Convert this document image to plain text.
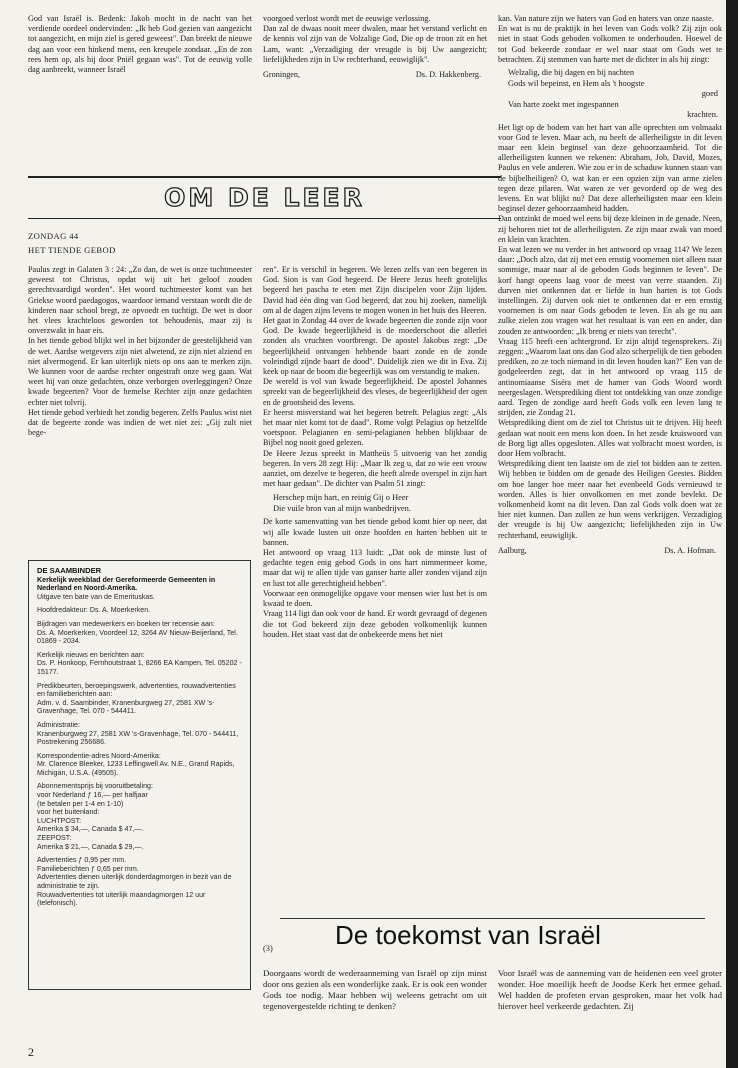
God van Israël is. Bedenk: Jakob mocht in de nacht van het verdiende oordeel ondervinden: „Ik heb God gezien van aangezicht tot aangezicht, en mijn ziel is gered geweest". Dan breekt de nieuwe dag aan voor een hinkend mens, een kreupele zondaar. „En de zon rees hem op, als hij door Pniël gegaan was". Tot de eeuwig volle dag aanbreekt, wanneer Israël

voorgoed verlost wordt met de eeuwige verlossing.

Dan zal de dwaas nooit meer dwalen, maar het verstand verlicht en de kennis vol zijn van de Volzalige God, Die op de troon zit en het Lam, want: „Verzadiging der vreugde is bij Uw aangezicht; liefelijkheden zijn in Uw rechterhand, eeuwiglijk".

Groningen,	Ds. D. Hakkenberg.
OM DE LEER
ZONDAG 44
HET TIENDE GEBOD

Paulus zegt in Galaten 3 : 24: „Zo dan, de wet is onze tuchtmeester geweest tot Christus, opdat wij uit het geloof zouden gerechtvaardigd worden". Het woord tuchtmeester komt van het Griekse woord paedagogos, waardoor iemand verstaan wordt die de kinderen naar school bregt, ze opvoedt en tuchtigt. De wet is door het vlees krachteloos geworden tot behoudenis, maar zij is onverzwakt in haar eis.

In het tiende gebod blijkt wel in het bijzonder de geestelijkheid van de wet. Aardse wetgevers zijn niet alwetend, ze zijn niet alziend en niet alvermogend. Er kan uiterlijk niets op ons aan te merken zijn. We kunnen voor de aardse rechter ongestraft onze weg gaan. Wat weet hij van onze gedachten, onze verborgen overleggingen? Onze kwade begeerten? Voor de hemelse Rechter zijn onze gedachten echter niet tolvrij.

Het tiende gebod verbiedt het zondig begeren. Zelfs Paulus wist niet dat de begeerte zonde was indien de wet niet zei: „Gij zult niet bege-

ren". Er is verschil in begeren. We lezen zelfs van een begeren in God. Sion is van God begeerd. De Heere Jezus heeft grotelijks begeerd het pascha te eten met Zijn discipelen voor Zijn lijden. David had één ding van God begeerd, dat zou hij zoeken, namelijk om al de dagen zijns levens te mogen wonen in het huis des Heeren.

Het gaat in Zondag 44 over de kwade begeerten die zonde zijn voor God. De kwade begeerlijkheid is de moederschoot die allerlei zonden als vruchten voortbrengt. De apostel Jakobus zegt: „De begeerlijkheid ontvangen hebbende baart zonde en de zonde voleindigd zijnde baart de dood". Duidelijk zien we dit in Eva. Zij keek op naar de boom die begeerlijk was om verstandig te maken.

De wereld is vol van kwade begeerlijkheid. De apostel Johannes spreekt van de begeerlijkheid des vleses, de begeerlijkheid der ogen en de grootsheid des levens.

Er heerst misverstand wat het begeren betreft. Pelagius zegt: „Als het maar niet komt tot de daad". Rome volgt Pelagius op hetzelfde voetspoor. Pelagianen en semi-pelagianen hebben blijkbaar de Bijbel nog nooit goed gelezen.

De Heere Jezus spreekt in Mattheüs 5 uitvoerig van het zondig begeren. In vers 28 zegt Hij: „Maar Ik zeg u, dat zo wie een vrouw aanziet, om dezelve te begeren, die heeft alrede overspel in zijn hart met haar gedaan". De dichter van Psalm 51 zingt:

Herschep mijn hart, en reinig Gij o Heer
Die vuile bron van al mijn wanbedrijven.

De korte samenvatting van het tiende gebod komt hier op neer, dat wij alle kwade lusten uit onze hoofden en harten hebben uit te bannen.

Het antwoord op vraag 113 luidt: „Dat ook de minste lust of gedachte tegen enig gebod Gods in ons hart nimmermeer kome, maar dat wij te allen tijde van ganser harte aller zonden vijand zijn en lust tot alle gerechtigheid hebben".

Voorwaar een onmogelijke opgave voor mensen wier lust het is om kwaad te doen.

Vraag 114 ligt dan ook voor de hand. Er wordt gevraagd of degenen die tot God bekeerd zijn deze geboden volkomenlijk kunnen houden. Het staat vast dat de onbekeerde mens het niet

kan. Van nature zijn we haters van God en haters van onze naaste.

En wat is nu de praktijk in het leven van Gods volk? Zij zijn ook niet in staat Gods geboden volkomen te onderhouden. Hoewel de tot God bekeerde zondaar er wel naar staat om Gods wet te betrachten. Zij stemmen van harte met de dichter in als hij zingt:

Welzalig, die bij dagen en bij nachten
Gods wil bepeinst, en Hem als 't hoogste
goed
Van harte zoekt met ingespannen
krachten.

Het ligt op de bodem van het hart van alle oprechten om volmaakt voor God te leven. Maar ach, nu heeft de allerheiligste in dit leven maar een klein beginsel van deze gehoorzaamheid. Tot die allerheiligsten kunnen we rekenen: Abraham, Job, David, Mozes, Paulus en vele anderen. Wie zou er in de schaduw kunnen staan van de bijbelheiligen? O, wat kan er een opzien zijn van arme zielen tegen deze pilaren. Wat waren ze ver gevorderd op de weg des levens. En wat blijkt nu? Dat deze allerheiligsten maar een klein beginsel dezer gehoorzaamheid hadden.

Dan ontzinkt de moed wel eens bij deze kleinen in de genade. Neen, zij behoren niet tot de allerheiligsten. Ze zijn maar zwak van moed en klein van krachten.

En wat lezen we nu verder in het antwoord op vraag 114? We lezen daar: „Doch alzo, dat zij met een ernstig voornemen niet alleen naar sommige, maar naar al de geboden Gods beginnen te leven". De korf hangt opeens laag voor de meest van verre staanden. Zij durven niet ontkennen dat er liefde in hun harten is tot Gods instellingen. Zij durven ook niet te ontkennen dat er een ernstig voornemen is om naar Gods geboden te leven. En als ge nu aan zulke zielen zou vragen wat het resultaat is van een en ander, dan zouden ze antwoorden: „Ik breng er niets van terecht".

Vraag 115 heeft een achtergrond. Er zijn altijd tegensprekers. Zij zeggen: „Waarom laat ons dan God alzo scherpelijk de tien geboden prediken, zo ze toch niemand in dit leven houden kan?" Een van de godgeleerden zegt, dat in het antwoord op vraag 115 de antinomiaanse Siséra met de hamer van Gods Woord wordt neergeslagen. Wetsprediking dient tot ontdekking van onze zondige aard. Tegen de zondige aard heeft Gods volk een leven lang te strijden, zie Zondag 21.

Wetsprediking dient om de ziel tot Christus uit te drijven. Hij heeft gedaan wat nooit een mens kon doen. In het zesde kruiswoord van de Borg ligt alles opgesloten. Alles wat volbracht moest worden, is door Hem volbracht.

Wetsprediking dient ten laatste om de ziel tot bidden aan te zetten. Wij hebben te bidden om de genade des Heiligen Geestes. Bidden om hoe langer hoe meer naar het evenbeeld Gods vernieuwd te worden. Alles is hier onvolkomen en met zonde bevlekt. De volkomenheid komt na dit leven. Dan zal Gods volk doen wat ze hier niet kunnen. Dan zullen ze hun wens verkrijgen. Verzadiging der vreugde is bij Uw aangezicht; liefelijkheden zijn in Uw rechterhand, eeuwiglijk.

Aalburg,	Ds. A. Hofman.
DE SAAMBINDER
Kerkelijk weekblad der Gereformeerde Gemeenten in Nederland en Noord-Amerika.
Uitgave ten bate van de Emerituskas.
Hoofdredakteur: Ds. A. Moerkerken.
Bijdragen van medewerkers en boeken ter recensie aan:
Ds. A. Moerkerken, Voordeel 12, 3264 AV Nieuw-Beijerland, Tel. 01869 - 2034.
Kerkelijk nieuws en berichten aan:
Ds. P. Honkoop, Fernhoutstraat 1, 8266 EA Kampen, Tel. 05202 - 15177.
Predikbeurten, beroepingswerk, advertenties, rouwadvertenties en familieberichten aan:
Adm. v. d. Saambinder, Kranenburgweg 27, 2581 XW 's-Gravenhage, Tel. 070 - 544411.
Administratie:
Kranenburgweg 27, 2581 XW 's-Gravenhage, Tel. 070 - 544411, Postrekening 256686.
Korrespondentie-adres Noord-Amerika:
Mr. Clarence Bleeker, 1233 Leffingwell Av. N.E., Grand Rapids, Michigan, U.S.A. (49505).
Abonnementsprijs bij vooruitbetaling:
voor Nederland ƒ 16,— per halfjaar
(te betalen per 1-4 en 1-10)
voor het buitenland:
LUCHTPOST:
Amerika $ 34,—, Canada $ 47,—.
ZEEPOST:
Amerika $ 21,—, Canada $ 29,—.
Advertenties ƒ 0,95 per mm.
Familieberichten ƒ 0,65 per mm.
Advertenties dienen uiterlijk donderdagmorgen in bezit van de administratie te zijn.
Rouwadvertenties tot uiterlijk maandagmorgen 12 uur (telefonisch).
De toekomst van Israël
(3)

Doorgaans wordt de wederaanneming van Israël op zijn minst door ons gezien als een wonderlijke zaak. Er is ook een wonder Gods toe nodig. Maar hebben wij weleens getracht om uit tegenovergestelde richting te denken?

Voor Israël was de aanneming van de heidenen een veel groter wonder. Hoe moeilijk heeft de Joodse Kerk het ermee gehad. Wel hadden de profeten ervan gesproken, maar het volk had hierover heel verkeerde gedachten. Zij

2
